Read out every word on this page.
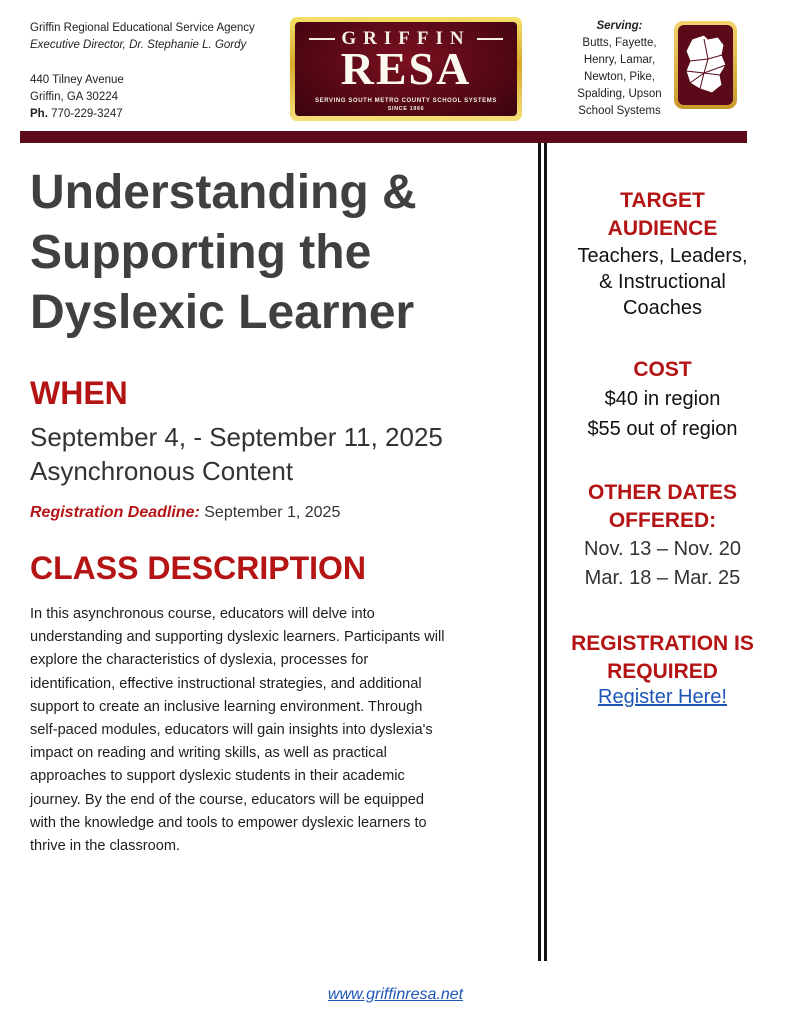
Griffin Regional Educational Service Agency
Executive Director, Dr. Stephanie L. Gordy
440 Tilney Avenue
Griffin, GA 30224
Ph. 770-229-3247
GRIFFIN
RESA
SERVING SOUTH METRO COUNTY SCHOOL SYSTEMS
SINCE 1966
Serving:
Butts, Fayette,
Henry, Lamar,
Newton, Pike,
Spalding, Upson
School Systems
Understanding &
Supporting the
Dyslexic Learner
WHEN
September 4, - September 11, 2025
Asynchronous Content
Registration Deadline: September 1, 2025
CLASS DESCRIPTION
In this asynchronous course, educators will delve into
understanding and supporting dyslexic learners. Participants will
explore the characteristics of dyslexia, processes for
identification, effective instructional strategies, and additional
support to create an inclusive learning environment. Through
self-paced modules, educators will gain insights into dyslexia's
impact on reading and writing skills, as well as practical
approaches to support dyslexic students in their academic
journey. By the end of the course, educators will be equipped
with the knowledge and tools to empower dyslexic learners to
thrive in the classroom.
TARGET
AUDIENCE
Teachers, Leaders,
& Instructional
Coaches
COST
$40 in region
$55 out of region
OTHER DATES
OFFERED:
Nov. 13 – Nov. 20
Mar. 18 – Mar. 25
REGISTRATION IS
REQUIRED
Register Here!
www.griffinresa.net
